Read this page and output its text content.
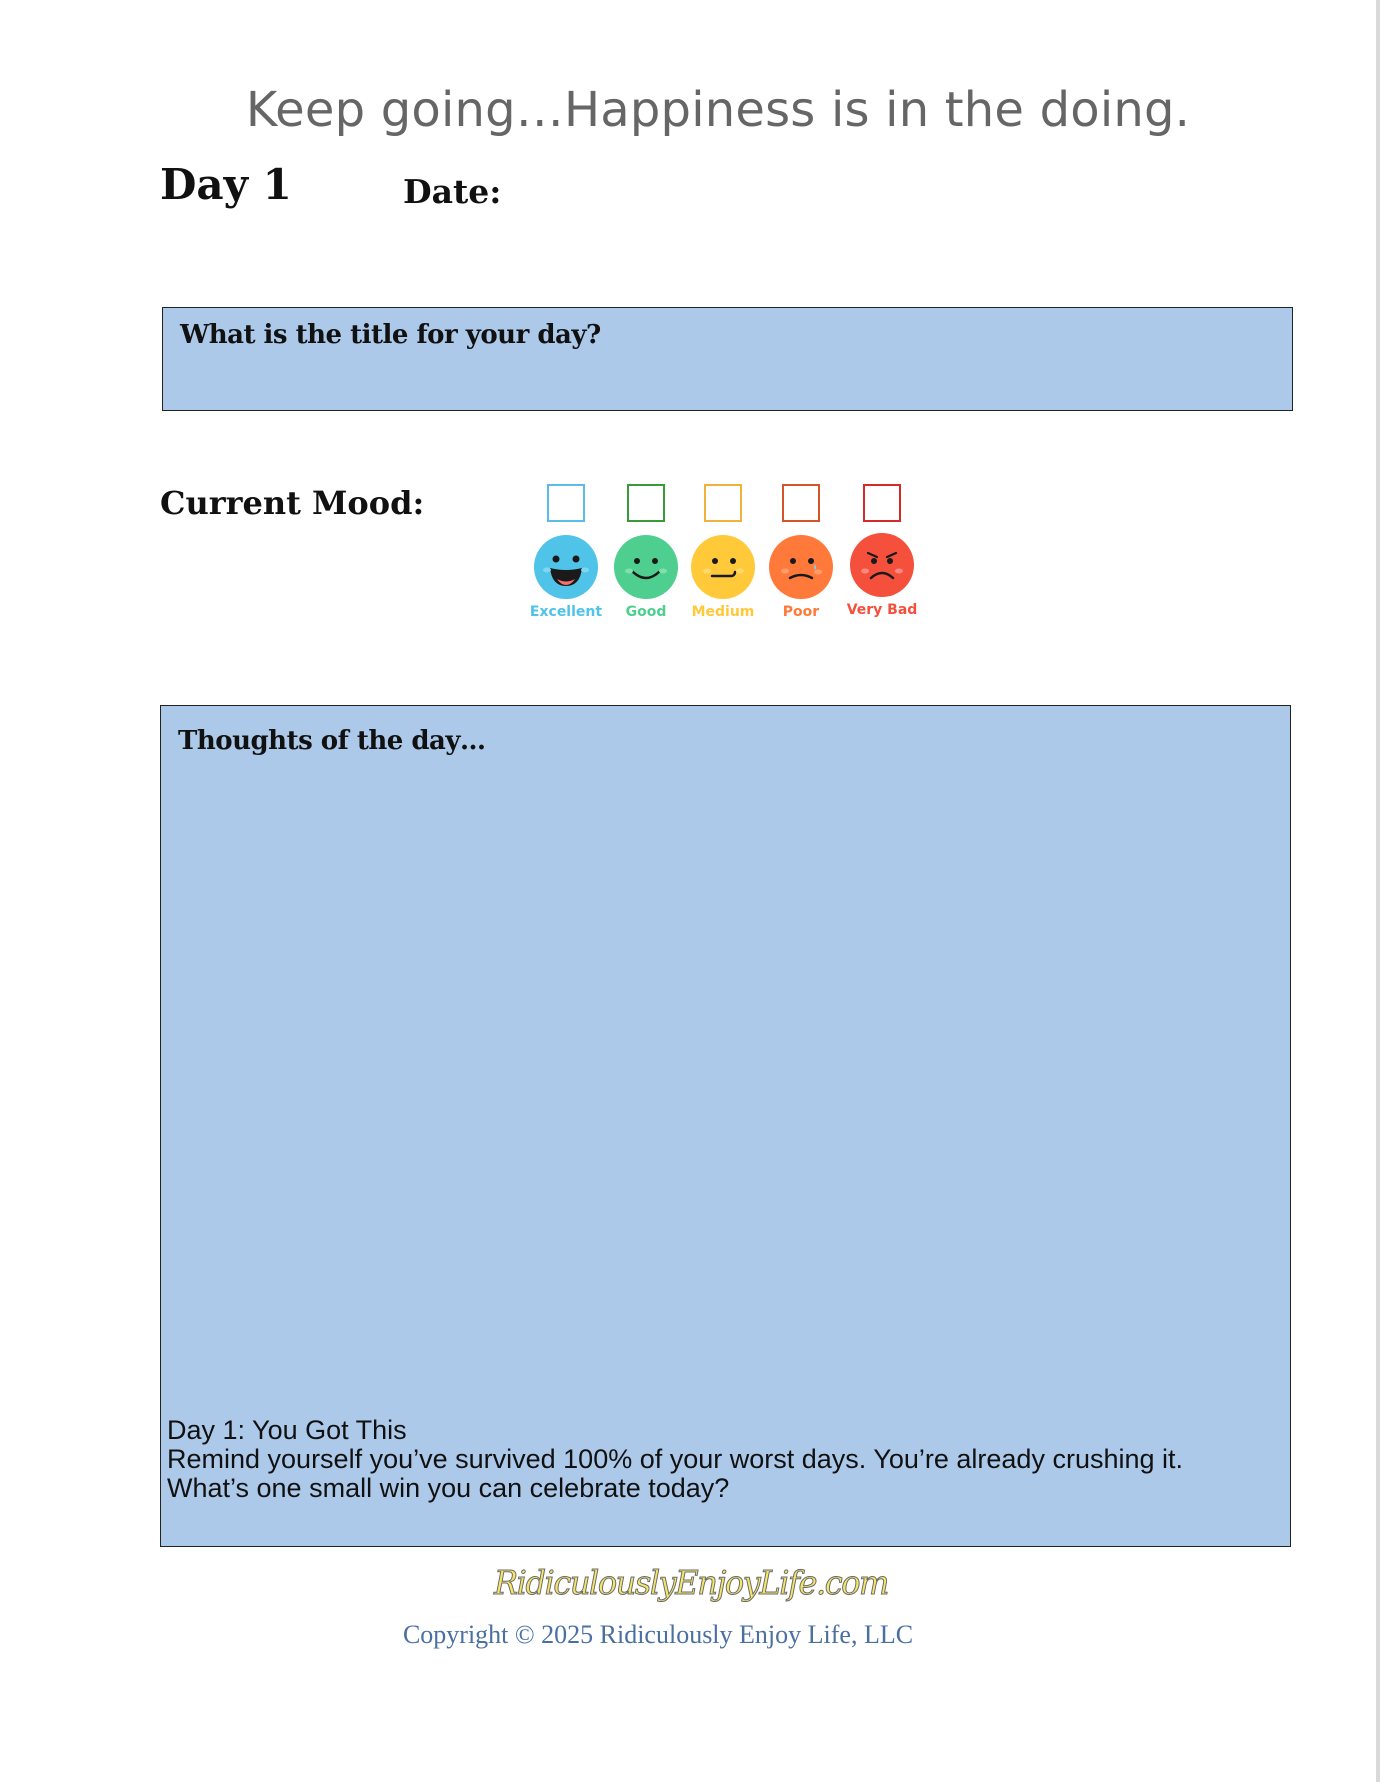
Keep going…Happiness is in the doing.
Day 1	Date:
What is the title for your day?
Current Mood:
Excellent	Good	Medium	Poor	Very Bad
Thoughts of the day…
Day 1: You Got This
Remind yourself you’ve survived 100% of your worst days. You’re already crushing it.
What’s one small win you can celebrate today?
RidiculouslyEnjoyLife.com
Copyright © 2025 Ridiculously Enjoy Life, LLC
